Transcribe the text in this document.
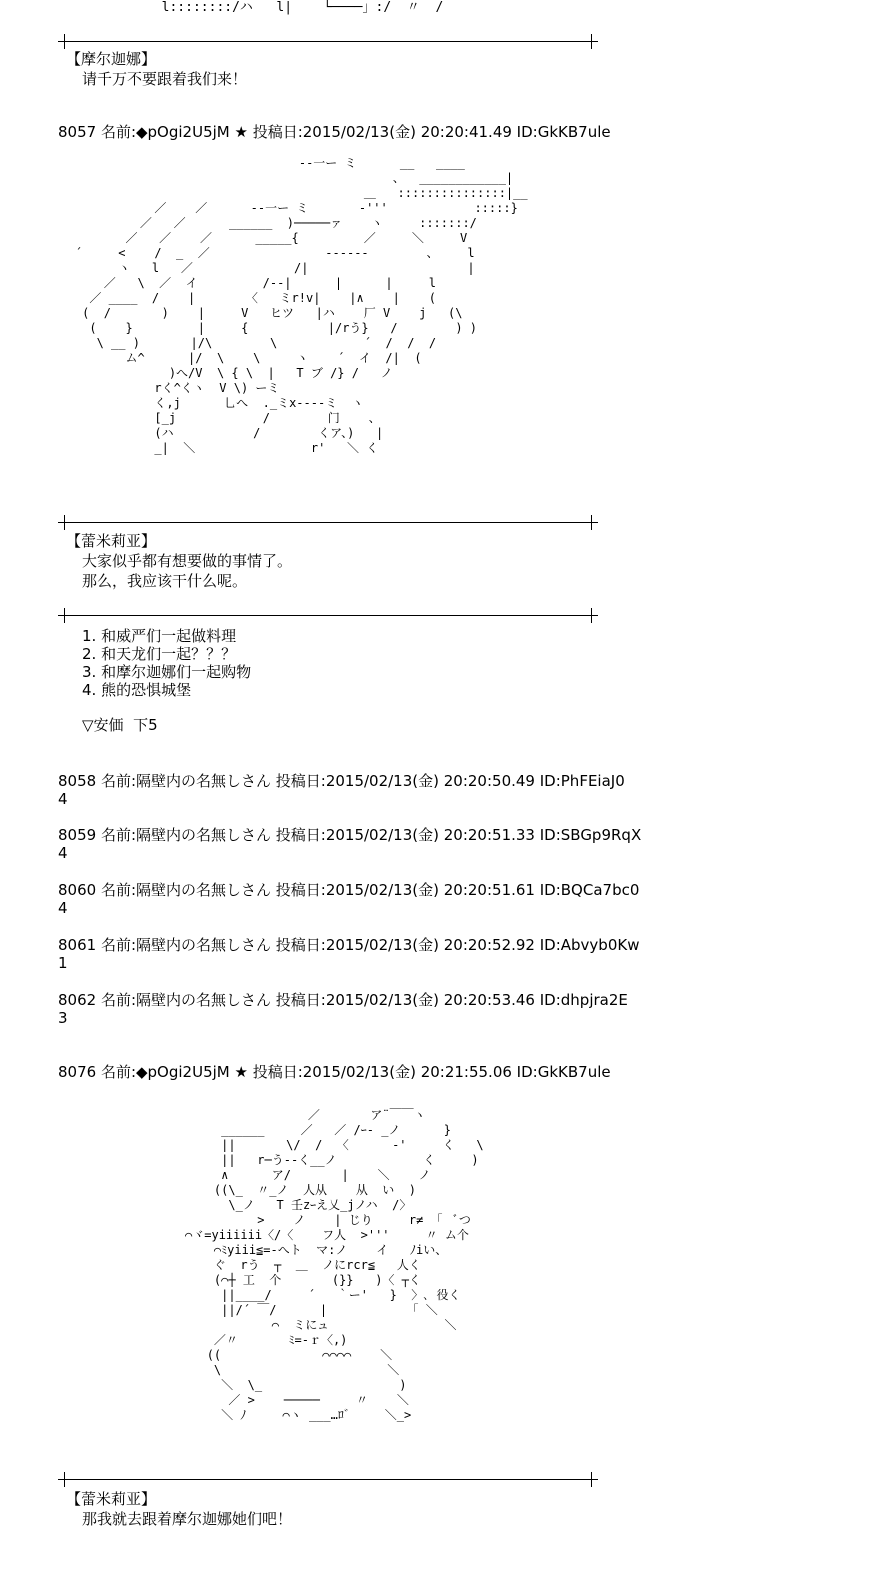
l::::::::/ハ   l|    └────」:/  〃  /
【摩尔迦娜】
请千万不要跟着我们来！
8057 名前:◆pOgi2U5jM ★ 投稿日:2015/02/13(金) 20:20:41.49 ID:GkKB7ule
-‐一ー ミ      __   ____
、  ____________|
＿   :::::::::::::::|__
／    ／      -‐一ー ミ       ‐'''            :::::}
／   ／      ______  )─────ァ    ヽ     :::::::/
／   ／    ／      _____{         ／     ＼     V
´     <    /  _  ／                ------        、    l
ヽ   l   ／              /|                      |
／   \  ／  イ         /--|      |      |     l
／ ____  /    |       〈   ミr!v|    |∧    |    (
(  /       )    |     V   ヒツ   |ハ    厂 V    j   (\
(    }         |     {           |/rう}   /        ) )
\ __ )       |/\        \            ´  /  /  /
ム^      |/  \    \     ヽ    ´  イ  /|  (
)へ/V  \ { \  |   T ブ /} /   ノ
rく^くヽ  V \) ーミ
く,j      乚へ  ._ミx----ミ  ヽ
[_j            /        门    、
(ハ           /        くア、)   |
_|  ＼                r'   ＼ く
【蕾米莉亚】
大家似乎都有想要做的事情了。
那么，我应该干什么呢。
1. 和威严们一起做料理
2. 和天龙们一起？？？
3. 和摩尔迦娜们一起购物
4. 熊的恐惧城堡
▽安価  下5
8058 名前:隔壁内の名無しさん 投稿日:2015/02/13(金) 20:20:50.49 ID:PhFEiaJ0
4
8059 名前:隔壁内の名無しさん 投稿日:2015/02/13(金) 20:20:51.33 ID:SBGp9RqX
4
8060 名前:隔壁内の名無しさん 投稿日:2015/02/13(金) 20:20:51.61 ID:BQCa7bc0
4
8061 名前:隔壁内の名無しさん 投稿日:2015/02/13(金) 20:20:52.92 ID:Abvyb0Kw
1
8062 名前:隔壁内の名無しさん 投稿日:2015/02/13(金) 20:20:53.46 ID:dhpjra2E
3
8076 名前:◆pOgi2U5jM ★ 投稿日:2015/02/13(金) 20:21:55.06 ID:GkKB7ule
／       ア¨￣￣ヽ
______     ／   ／ /ｰ‐ _ノ      }
||       \/  /  〈      ‐'     く   \
||   r─う-‐く__ノ            く     )
∧      ア/       |    ＼    ノ
((\_  〃_ノ  人从    从  い  )
\_ノ   T 壬zｰえ乂_jノハ  /〉
>    ノ    | じり     r≠ 「  ﾞつ
⌒ヾ=yiiiiii〈/〈    フ人  >'''     〃 ム个
⌒ﾐyiii≦=‐へト  マ:ノ    イ   ﾉiい、
ぐ  rう  ┬  ＿  ノにrcr≦   人く
(⌒┼ 工  个       (}}   )〈 ┬く
||____/     ´   ｀ー'   }  〉､ 役く
||/´ ￣/      |           「 ＼
⌒  ミにュ                ＼
／〃       ﾐ=‐ｒ〈,)
((              ⌒⌒⌒⌒    ＼
\                       ＼
＼  \_                   )
／ >    ─────     〃    ＼
＼ ﾉ     ⌒ヽ ___…ﾛ゛    ＼_>
【蕾米莉亚】
那我就去跟着摩尔迦娜她们吧！
